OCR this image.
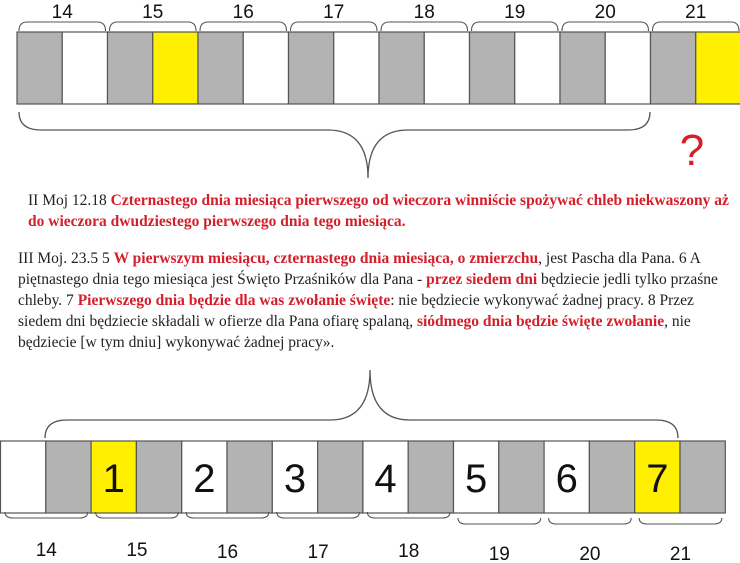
14	15	16	17	18	19	20	21
?
1 2 3 4 5 6 7
14	15	16	17	18	19	20	21
II Moj 12.18 Czternastego dnia miesiąca pierwszego od wieczora winniście spożywać chleb niekwaszony aż do wieczora dwudziestego pierwszego dnia tego miesiąca.
III Moj. 23.5 5 W pierwszym miesiącu, czternastego dnia miesiąca, o zmierzchu, jest Pascha dla Pana. 6 A piętnastego dnia tego miesiąca jest Święto Przaśników dla Pana - przez siedem dni będziecie jedli tylko przaśne chleby. 7 Pierwszego dnia będzie dla was zwołanie święte: nie będziecie wykonywać żadnej pracy. 8 Przez siedem dni będziecie składali w ofierze dla Pana ofiarę spalaną, siódmego dnia będzie święte zwołanie, nie będziecie [w tym dniu] wykonywać żadnej pracy».
